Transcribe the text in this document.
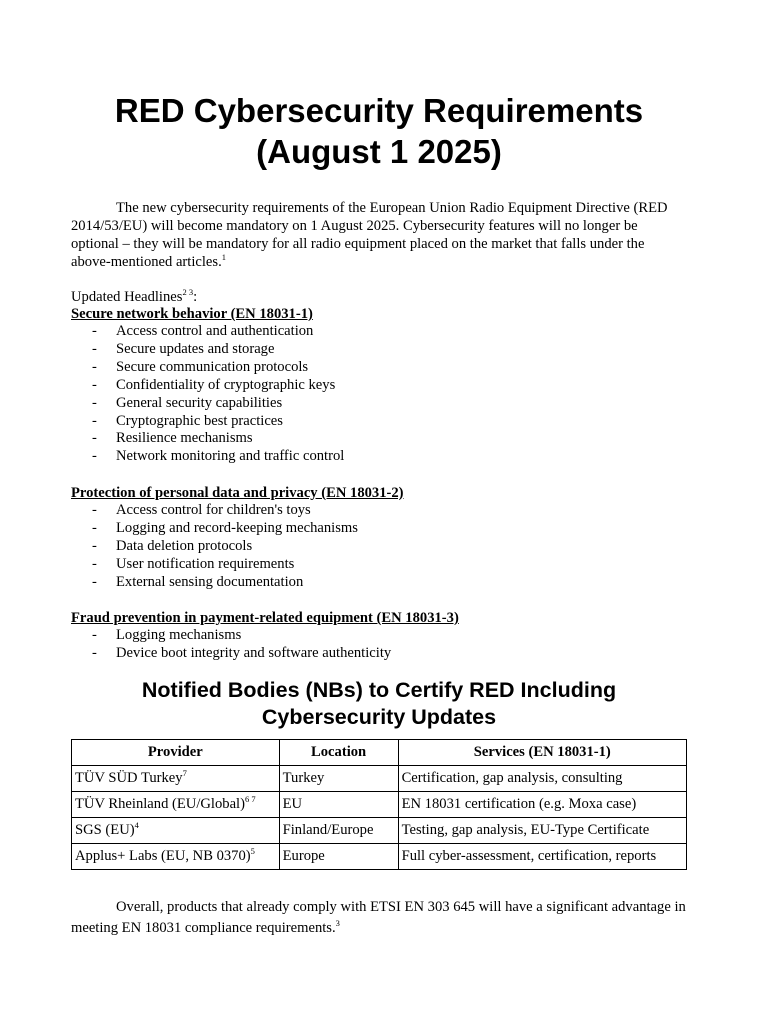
RED Cybersecurity Requirements (August 1 2025)

The new cybersecurity requirements of the European Union Radio Equipment Directive (RED 2014/53/EU) will become mandatory on 1 August 2025. Cybersecurity features will no longer be optional – they will be mandatory for all radio equipment placed on the market that falls under the above-mentioned articles.$^1$

Updated Headlines$^{2 3}$:

Secure network behavior (EN 18031-1)
- Access control and authentication
- Secure updates and storage
- Secure communication protocols
- Confidentiality of cryptographic keys
- General security capabilities
- Cryptographic best practices
- Resilience mechanisms
- Network monitoring and traffic control
Protection of personal data and privacy (EN 18031-2)
- Access control for children's toys
- Logging and record-keeping mechanisms
- Data deletion protocols
- User notification requirements
- External sensing documentation
Fraud prevention in payment-related equipment (EN 18031-3)
- Logging mechanisms
- Device boot integrity and software authenticity
Notified Bodies (NBs) to Certify RED Including Cybersecurity Updates
Provider	Location	Services (EN 18031-1)
TÜV SÜD Turkey$^7$	Turkey	Certification, gap analysis, consulting
TÜV Rheinland (EU/Global)$^{6 7}$	EU	EN 18031 certification (e.g. Moxa case)
SGS (EU)$^4$	Finland/Europe	Testing, gap analysis, EU-Type Certificate
Applus+ Labs (EU, NB 0370)$^5$	Europe	Full cyber-assessment, certification, reports

Overall, products that already comply with ETSI EN 303 645 will have a significant advantage in meeting EN 18031 compliance requirements.$^3$
